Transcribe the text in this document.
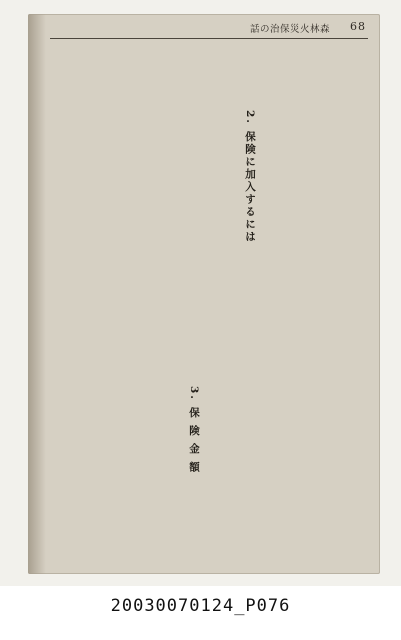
話の治保災火林森 68
2. 保険に加入するには
3. 保 険 金 額
20030070124_P076
